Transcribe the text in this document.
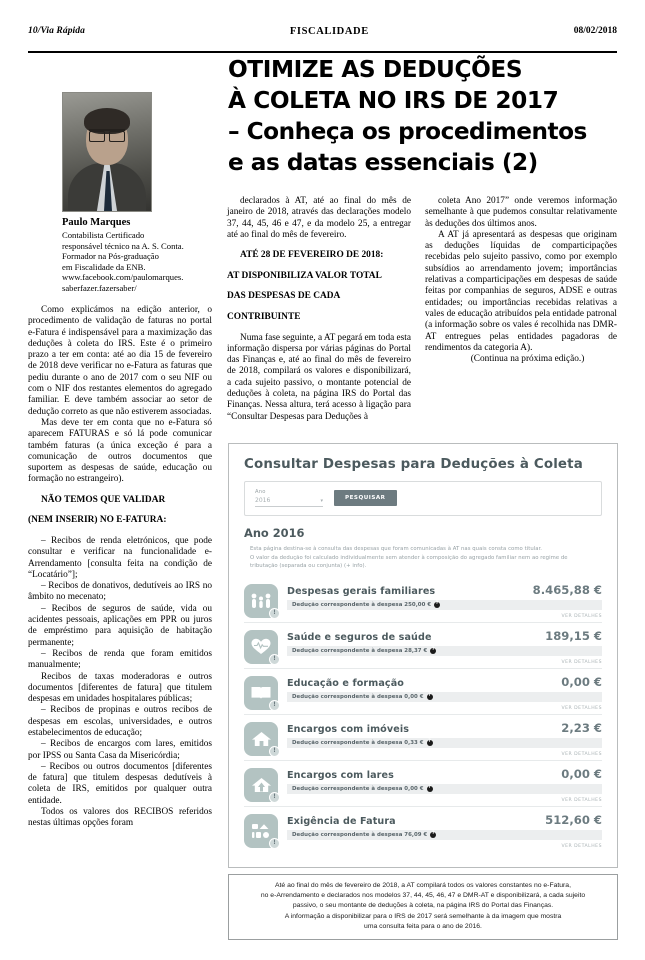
10/Via Rápida	FISCALIDADE	08/02/2018
OTIMIZE AS DEDUÇÕES
À COLETA NO IRS DE 2017
– Conheça os procedimentos
e as datas essenciais (2)
Paulo Marques
Contabilista Certificado
responsável técnico na A. S. Conta.
Formador na Pós-graduação
em Fiscalidade da ENB.
www.facebook.com/paulomarques.
saberfazer.fazersaber/

Como explicámos na edição anterior, o procedimento de validação de faturas no portal e-Fatura é indispensável para a maximização das deduções à coleta do IRS. Este é o primeiro prazo a ter em conta: até ao dia 15 de fevereiro de 2018 deve verificar no e-Fatura as faturas que pediu durante o ano de 2017 com o seu NIF ou com o NIF dos restantes elementos do agregado familiar. E deve também associar ao setor de dedução correto as que não estiverem associadas.

Mas deve ter em conta que no e-Fatura só aparecem FATURAS e só lá pode comunicar também faturas (a única exceção é para a comunicação de outros documentos que suportem as despesas de saúde, educação ou formação no estrangeiro).

NÃO TEMOS QUE VALIDAR
(NEM INSERIR) NO E-FATURA:

– Recibos de renda eletrónicos, que pode consultar e verificar na funcionalidade e-Arrendamento [consulta feita na condição de “Locatário”];

– Recibos de donativos, dedutíveis ao IRS no âmbito no mecenato;

– Recibos de seguros de saúde, vida ou acidentes pessoais, aplicações em PPR ou juros de empréstimo para aquisição de habitação permanente;

– Recibos de renda que foram emitidos manualmente;

Recibos de taxas moderadoras e outros documentos [diferentes de fatura] que titulem despesas em unidades hospitalares públicas;

– Recibos de propinas e outros recibos de despesas em escolas, universidades, e outros estabelecimentos de educação;

– Recibos de encargos com lares, emitidos por IPSS ou Santa Casa da Misericórdia;

– Recibos ou outros documentos [diferentes de fatura] que titulem despesas dedutíveis à coleta de IRS, emitidos por qualquer outra entidade.

Todos os valores dos RECIBOS referidos nestas últimas opções foram

declarados à AT, até ao final do mês de janeiro de 2018, através das declarações modelo 37, 44, 45, 46 e 47, e da modelo 25, a entregar até ao final do mês de fevereiro.

ATÉ 28 DE FEVEREIRO DE 2018:
AT DISPONIBILIZA VALOR TOTAL
DAS DESPESAS DE CADA
CONTRIBUINTE

Numa fase seguinte, a AT pegará em toda esta informação dispersa por várias páginas do Portal das Finanças e, até ao final do mês de fevereiro de 2018, compilará os valores e disponibilizará, a cada sujeito passivo, o montante potencial de deduções à coleta, na página IRS do Portal das Finanças. Nessa altura, terá acesso à ligação para “Consultar Despesas para Deduções à

coleta Ano 2017” onde veremos informação semelhante à que pudemos consultar relativamente às deduções dos últimos anos.

A AT já apresentará as despesas que originam as deduções líquidas de comparticipações recebidas pelo sujeito passivo, como por exemplo subsídios ao arrendamento jovem; importâncias relativas a comparticipações em despesas de saúde feitas por companhias de seguros, ADSE e outras entidades; ou importâncias recebidas relativas a vales de educação atribuídos pela entidade patronal (a informação sobre os vales é recolhida nas DMR-AT entregues pelas entidades pagadoras de rendimentos da categoria A).

(Continua na próxima edição.)

Consultar Despesas para Deduções à Coleta
Ano
2016	▾	PESQUISAR
Ano 2016
Esta página destina-se à consulta das despesas que foram comunicadas à AT nas quais consta como titular.
O valor da dedução foi calculado individualmente sem atender à composição do agregado familiar nem ao regime de
tributação (separada ou conjunta) (+ info).
!
Despesas gerais familiares	8.465,88 €
Dedução correspondente à despesa 250,00 €	?
VER DETALHES
!
Saúde e seguros de saúde	189,15 €
Dedução correspondente à despesa 28,37 €	?
VER DETALHES
!
Educação e formação	0,00 €
Dedução correspondente à despesa 0,00 €	?
VER DETALHES
!
Encargos com imóveis	2,23 €
Dedução correspondente à despesa 0,33 €	?
VER DETALHES
!
Encargos com lares	0,00 €
Dedução correspondente à despesa 0,00 €	?
VER DETALHES
!
Exigência de Fatura	512,60 €
Dedução correspondente à despesa 76,09 €	?
VER DETALHES
Até ao final do mês de fevereiro de 2018, a AT compilará todos os valores constantes no e-Fatura,
no e-Arrendamento e declarados nos modelos 37, 44, 45, 46, 47 e DMR-AT e disponibilizará, a cada sujeito
passivo, o seu montante de deduções à coleta, na página IRS do Portal das Finanças.
A informação a disponibilizar para o IRS de 2017 será semelhante à da imagem que mostra
uma consulta feita para o ano de 2016.
